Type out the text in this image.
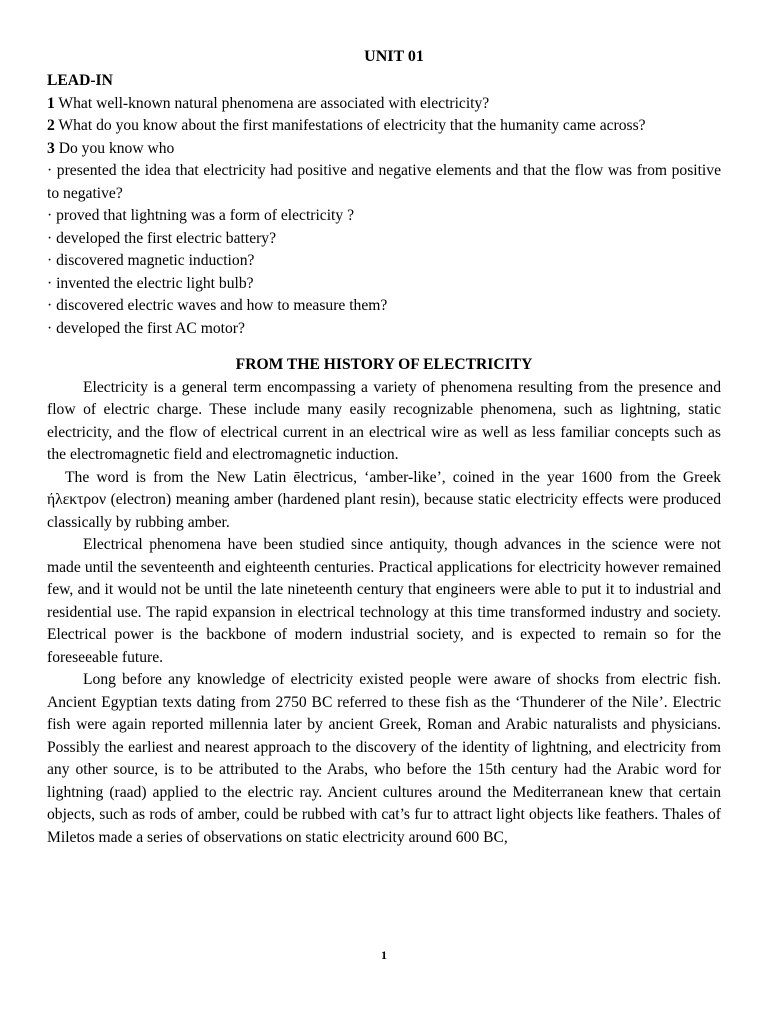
UNIT 01
LEAD-IN

1 What well-known natural phenomena are associated with electricity?

2 What do you know about the first manifestations of electricity that the humanity came across?

3 Do you know who

· presented the idea that electricity had positive and negative elements and that the flow was from positive to negative?

· proved that lightning was a form of electricity ?

· developed the first electric battery?

· discovered magnetic induction?

· invented the electric light bulb?

· discovered electric waves and how to measure them?

· developed the first AC motor?

FROM THE HISTORY OF ELECTRICITY

Electricity is a general term encompassing a variety of phenomena resulting from the presence and flow of electric charge. These include many easily recognizable phenomena, such as lightning, static electricity, and the flow of electrical current in an electrical wire as well as less familiar concepts such as the electromagnetic field and electromagnetic induction.

The word is from the New Latin ēlectricus, ‘amber-like’, coined in the year 1600 from the Greek ήλεκτρον (electron) meaning amber (hardened plant resin), because static electricity effects were produced classically by rubbing amber.

Electrical phenomena have been studied since antiquity, though advances in the science were not made until the seventeenth and eighteenth centuries. Practical applications for electricity however remained few, and it would not be until the late nineteenth century that engineers were able to put it to industrial and residential use. The rapid expansion in electrical technology at this time transformed industry and society. Electrical power is the backbone of modern industrial society, and is expected to remain so for the foreseeable future.

Long before any knowledge of electricity existed people were aware of shocks from electric fish. Ancient Egyptian texts dating from 2750 BC referred to these fish as the ‘Thunderer of the Nile’. Electric fish were again reported millennia later by ancient Greek, Roman and Arabic naturalists and physicians. Possibly the earliest and nearest approach to the discovery of the identity of lightning, and electricity from any other source, is to be attributed to the Arabs, who before the 15th century had the Arabic word for lightning (raad) applied to the electric ray. Ancient cultures around the Mediterranean knew that certain objects, such as rods of amber, could be rubbed with cat’s fur to attract light objects like feathers. Thales of Miletos made a series of observations on static electricity around 600 BC,

1
